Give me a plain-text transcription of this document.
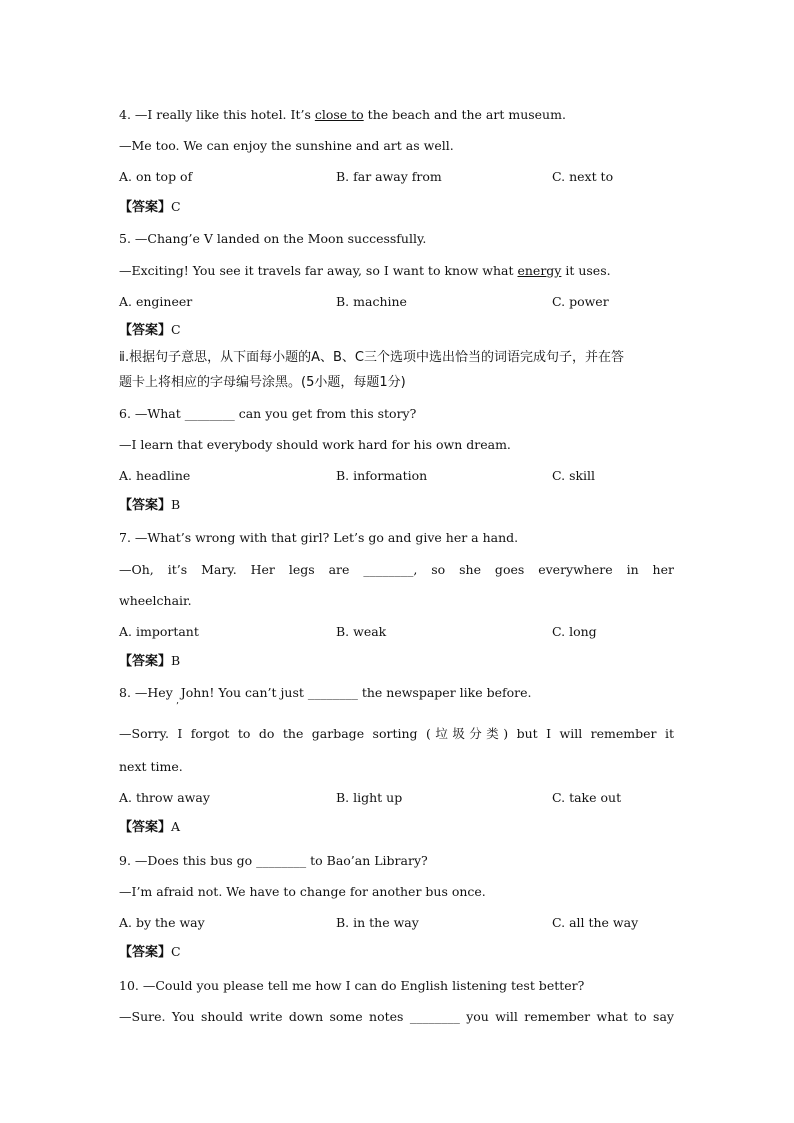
4. —I really like this hotel. It’s close to the beach and the art museum.
—Me too. We can enjoy the sunshine and art as well.
A. on top of	B. far away from	C. next to
【答案】C
5. —Chang’e V landed on the Moon successfully.
—Exciting! You see it travels far away, so I want to know what energy it uses.
A. engineer	B. machine	C. power
【答案】C
ⅱ.根据句子意思，从下面每小题的A、B、C三个选项中选出恰当的词语完成句子，并在答
题卡上将相应的字母编号涂黑。(5小题，每题1分)
6. —What ________ can you get from this story?
—I learn that everybody should work hard for his own dream.
A. headline	B. information	C. skill
【答案】B
7. —What’s wrong with that girl? Let’s go and give her a hand.
—Oh, it’s Mary. Her legs are ________, so she goes everywhere in her
wheelchair.
A. important	B. weak	C. long
【答案】B
8. —Hey  John! You can’t just ________ the newspaper like before.
’
—Sorry. I forgot to do the garbage sorting (垃圾分类) but I will remember it
next time.
A. throw away	B. light up	C. take out
【答案】A
9. —Does this bus go ________ to Bao’an Library?
—I’m afraid not. We have to change for another bus once.
A. by the way	B. in the way	C. all the way
【答案】C
10. —Could you please tell me how I can do English listening test better?
—Sure. You should write down some notes ________ you will remember what to say
